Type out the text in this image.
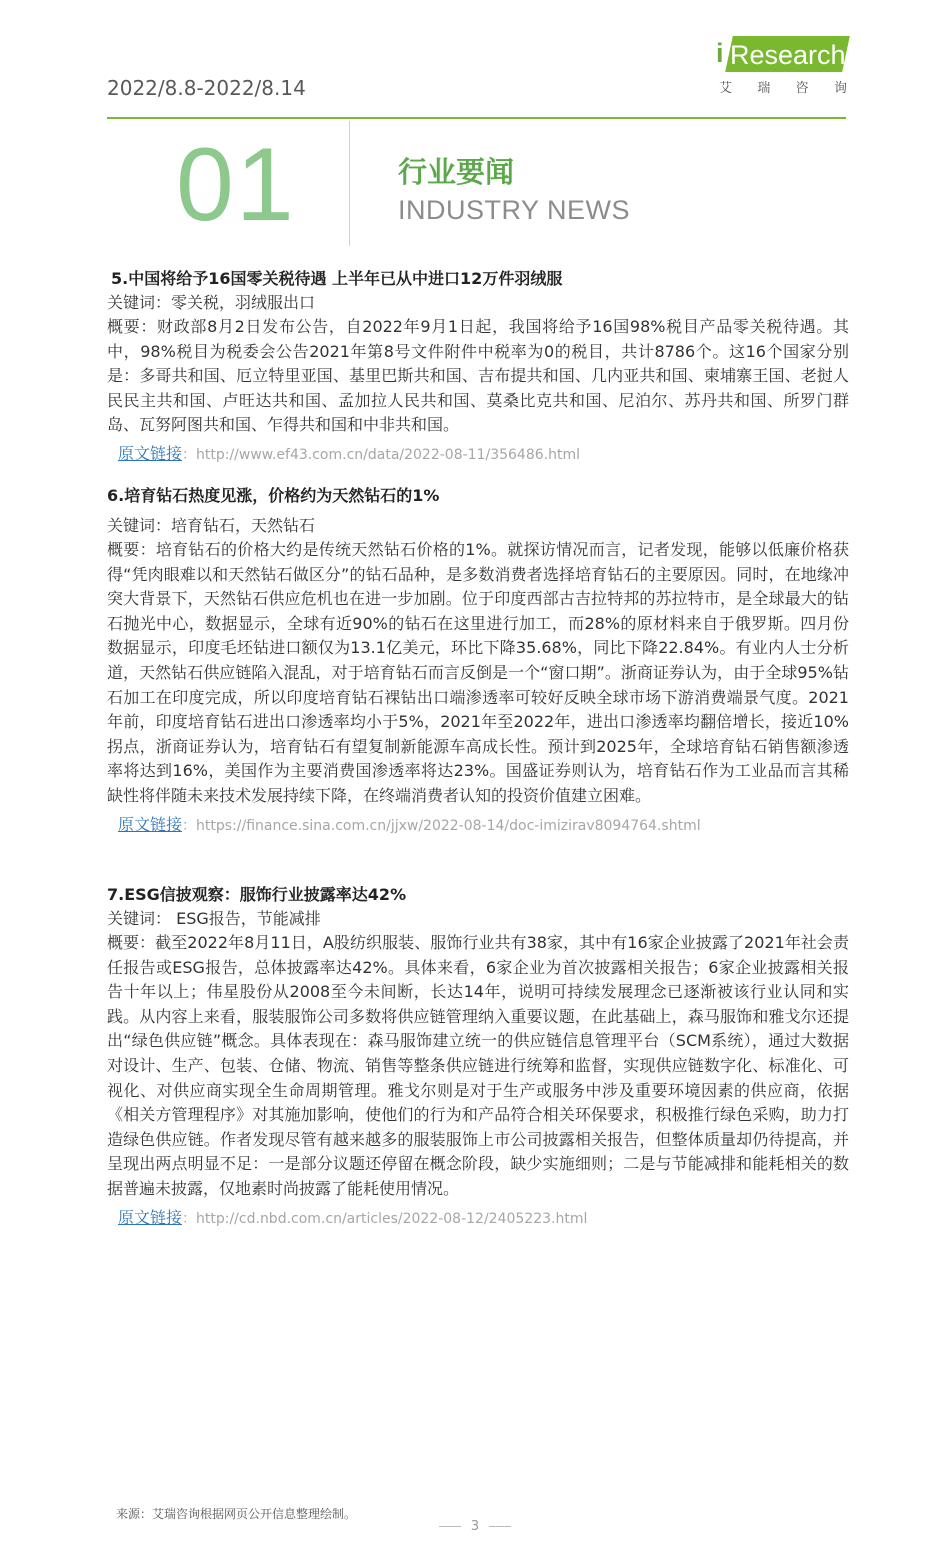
2022/8.8-2022/8.14
i Research
艾 瑞 咨 询
01	行业要闻
INDUSTRY NEWS
5.中国将给予16国零关税待遇 上半年已从中进口12万件羽绒服
关键词：零关税，羽绒服出口
概要：财政部8月2日发布公告，自2022年9月1日起，我国将给予16国98%税目产品零关税待遇。其中，98%税目为税委会公告2021年第8号文件附件中税率为0的税目，共计8786个。这16个国家分别是：多哥共和国、厄立特里亚国、基里巴斯共和国、吉布提共和国、几内亚共和国、柬埔寨王国、老挝人民民主共和国、卢旺达共和国、孟加拉人民共和国、莫桑比克共和国、尼泊尔、苏丹共和国、所罗门群岛、瓦努阿图共和国、乍得共和国和中非共和国。
原文链接：http://www.ef43.com.cn/data/2022-08-11/356486.html
6.培育钻石热度见涨，价格约为天然钻石的1%
关键词：培育钻石，天然钻石
概要：培育钻石的价格大约是传统天然钻石价格的1%。就探访情况而言，记者发现，能够以低廉价格获得“凭肉眼难以和天然钻石做区分”的钻石品种，是多数消费者选择培育钻石的主要原因。同时，在地缘冲突大背景下，天然钻石供应危机也在进一步加剧。位于印度西部古吉拉特邦的苏拉特市，是全球最大的钻石抛光中心，数据显示，全球有近90%的钻石在这里进行加工，而28%的原材料来自于俄罗斯。四月份数据显示，印度毛坯钻进口额仅为13.1亿美元，环比下降35.68%，同比下降22.84%。有业内人士分析道，天然钻石供应链陷入混乱，对于培育钻石而言反倒是一个“窗口期”。浙商证券认为，由于全球95%钻石加工在印度完成，所以印度培育钻石裸钻出口端渗透率可较好反映全球市场下游消费端景气度。2021年前，印度培育钻石进出口渗透率均小于5%，2021年至2022年，进出口渗透率均翻倍增长，接近10%拐点，浙商证券认为，培育钻石有望复制新能源车高成长性。预计到2025年，全球培育钻石销售额渗透率将达到16%，美国作为主要消费国渗透率将达23%。国盛证券则认为，培育钻石作为工业品而言其稀缺性将伴随未来技术发展持续下降，在终端消费者认知的投资价值建立困难。
原文链接：https://finance.sina.com.cn/jjxw/2022-08-14/doc-imizirav8094764.shtml
7.ESG信披观察：服饰行业披露率达42%
关键词： ESG报告，节能减排
概要：截至2022年8月11日，A股纺织服装、服饰行业共有38家，其中有16家企业披露了2021年社会责任报告或ESG报告，总体披露率达42%。具体来看，6家企业为首次披露相关报告；6家企业披露相关报告十年以上；伟星股份从2008至今未间断，长达14年，说明可持续发展理念已逐渐被该行业认同和实践。从内容上来看，服装服饰公司多数将供应链管理纳入重要议题，在此基础上，森马服饰和雅戈尔还提出“绿色供应链”概念。具体表现在：森马服饰建立统一的供应链信息管理平台（SCM系统），通过大数据对设计、生产、包装、仓储、物流、销售等整条供应链进行统筹和监督，实现供应链数字化、标准化、可视化、对供应商实现全生命周期管理。雅戈尔则是对于生产或服务中涉及重要环境因素的供应商，依据《相关方管理程序》对其施加影响，使他们的行为和产品符合相关环保要求，积极推行绿色采购，助力打造绿色供应链。作者发现尽管有越来越多的服装服饰上市公司披露相关报告，但整体质量却仍待提高，并呈现出两点明显不足：一是部分议题还停留在概念阶段，缺少实施细则；二是与节能减排和能耗相关的数据普遍未披露，仅地素时尚披露了能耗使用情况。
原文链接：http://cd.nbd.com.cn/articles/2022-08-12/2405223.html
来源：艾瑞咨询根据网页公开信息整理绘制。
3
